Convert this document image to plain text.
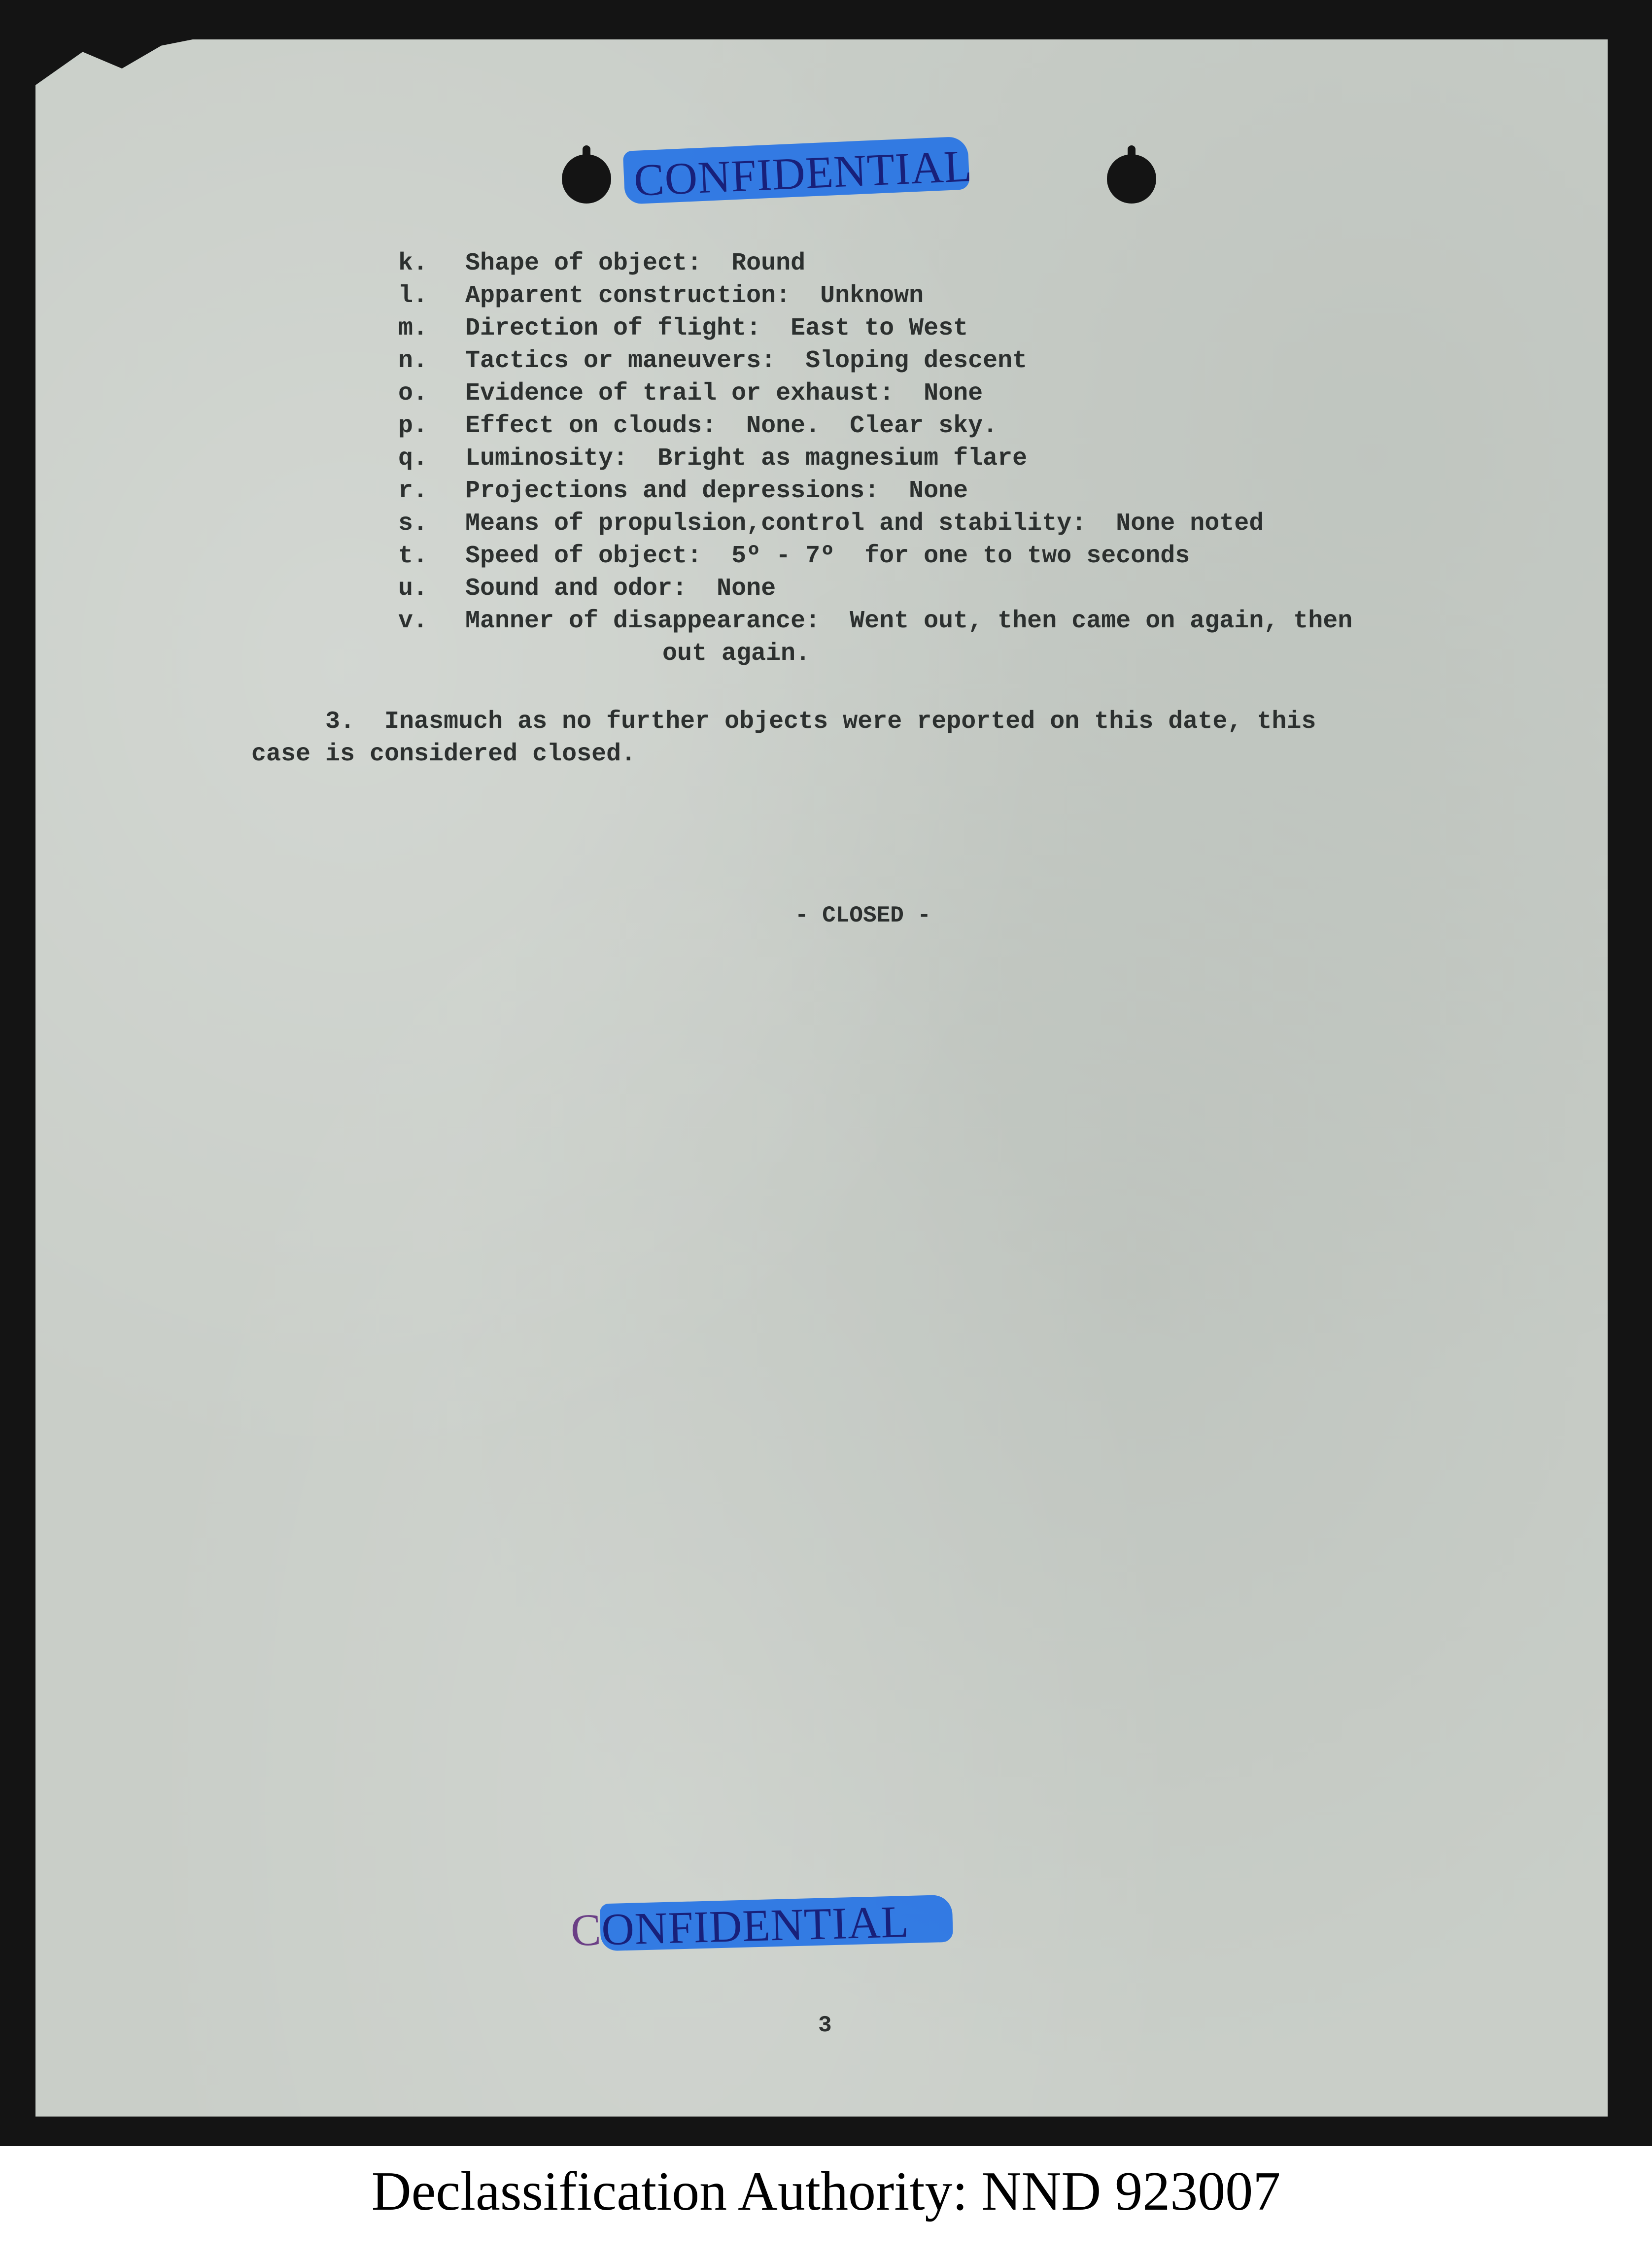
CONFIDENTIAL
k.	Shape of object:  Round
l.	Apparent construction:  Unknown
m.	Direction of flight:  East to West
n.	Tactics or maneuvers:  Sloping descent
o.	Evidence of trail or exhaust:  None
p.	Effect on clouds:  None.  Clear sky.
q.	Luminosity:  Bright as magnesium flare
r.	Projections and depressions:  None
s.	Means of propulsion,control and stability:  None noted
t.	Speed of object:  5º - 7º  for one to two seconds
u.	Sound and odor:  None
v.	Manner of disappearance:  Went out, then came on again, then
out again.
3.  Inasmuch as no further objects were reported on this date, this
case is considered closed.
- CLOSED -
CONFIDENTIAL
3
Declassification Authority: NND 923007
